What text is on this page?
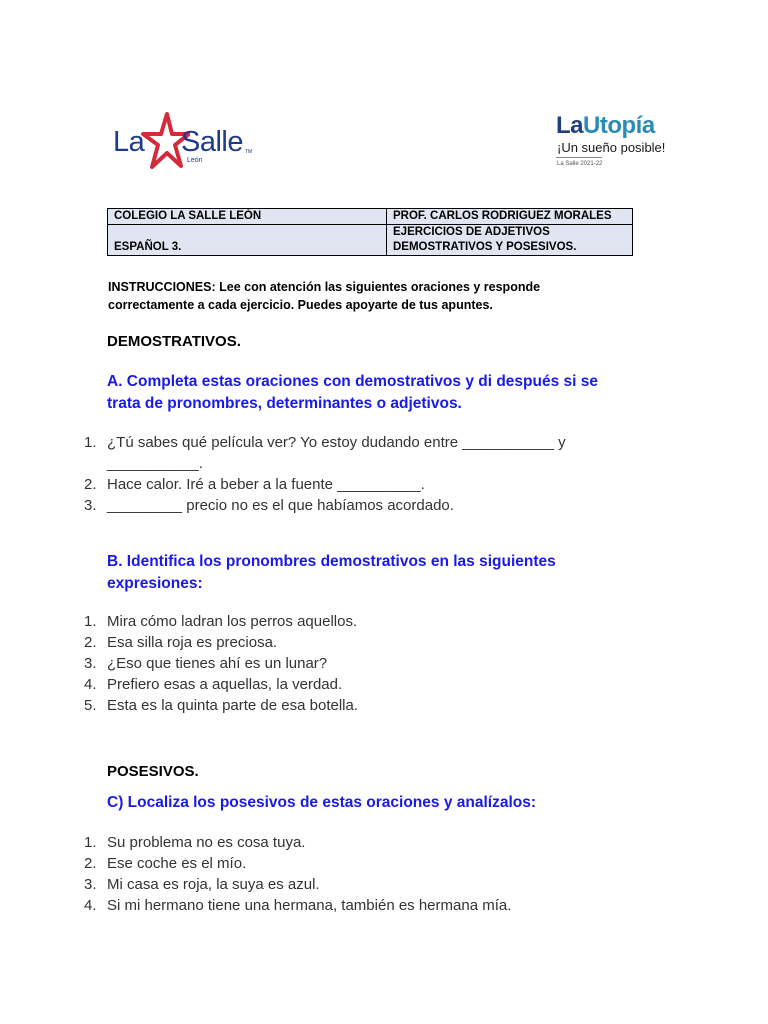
La Salle
León
TM
LaUtopía
¡Un sueño posible!
La Salle 2021-22
COLEGIO LA SALLE LEÓN	PROF. CARLOS RODRIGUEZ MORALES
ESPAÑOL 3.	EJERCICIOS DE ADJETIVOS
DEMOSTRATIVOS Y POSESIVOS.
INSTRUCCIONES: Lee con atención las siguientes oraciones y responde
correctamente a cada ejercicio. Puedes apoyarte de tus apuntes.
DEMOSTRATIVOS.
A. Completa estas oraciones con demostrativos y di después si se
trata de pronombres, determinantes o adjetivos.
1. ¿Tú sabes qué película ver? Yo estoy dudando entre ___________ y
___________.
2. Hace calor. Iré a beber a la fuente __________.
3. _________ precio no es el que habíamos acordado.
B. Identifica los pronombres demostrativos en las siguientes
expresiones:
1. Mira cómo ladran los perros aquellos.
2. Esa silla roja es preciosa.
3. ¿Eso que tienes ahí es un lunar?
4. Prefiero esas a aquellas, la verdad.
5. Esta es la quinta parte de esa botella.
POSESIVOS.
C) Localiza los posesivos de estas oraciones y analízalos:
1. Su problema no es cosa tuya.
2. Ese coche es el mío.
3. Mi casa es roja, la suya es azul.
4. Si mi hermano tiene una hermana, también es hermana mía.
